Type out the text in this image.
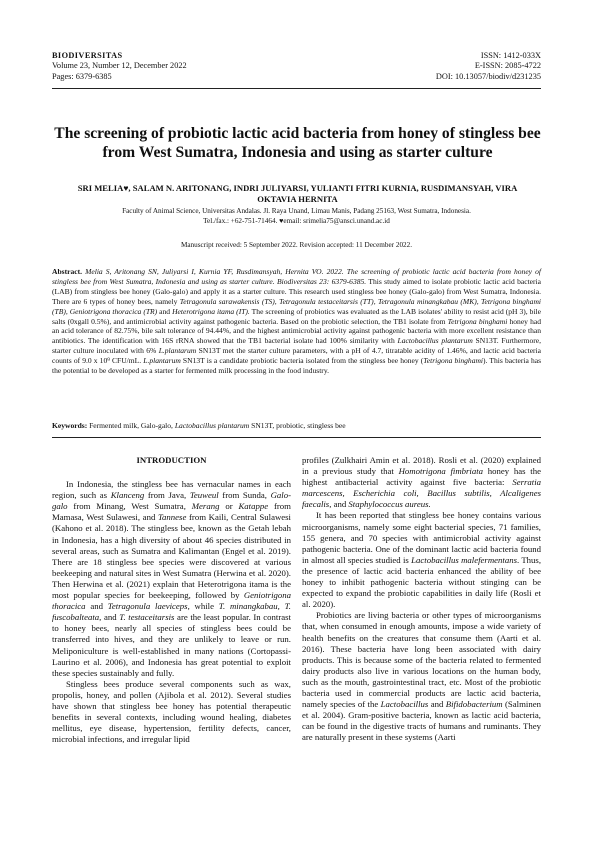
BIODIVERSITAS
Volume 23, Number 12, December 2022
Pages: 6379-6385
ISSN: 1412-033X
E-ISSN: 2085-4722
DOI: 10.13057/biodiv/d231235
The screening of probiotic lactic acid bacteria from honey of stingless bee from West Sumatra, Indonesia and using as starter culture
SRI MELIA♥, SALAM N. ARITONANG, INDRI JULIYARSI, YULIANTI FITRI KURNIA, RUSDIMANSYAH, VIRA OKTAVIA HERNITA
Faculty of Animal Science, Universitas Andalas. Jl. Raya Unand, Limau Manis, Padang 25163, West Sumatra, Indonesia.
Tel./fax.: +62-751-71464. ♥email: srimelia75@ansci.unand.ac.id
Manuscript received: 5 September 2022. Revision accepted: 11 December 2022.
Abstract. Melia S, Aritonang SN, Juliyarsi I, Kurnia YF, Rusdimansyah, Hernita VO. 2022. The screening of probiotic lactic acid bacteria from honey of stingless bee from West Sumatra, Indonesia and using as starter culture. Biodiversitas 23: 6379-6385. This study aimed to isolate probiotic lactic acid bacteria (LAB) from stingless bee honey (Galo-galo) and apply it as a starter culture. This research used stingless bee honey (Galo-galo) from West Sumatra, Indonesia. There are 6 types of honey bees, namely Tetragonula sarawakensis (TS), Tetragonula testaceitarsis (TT), Tetragonula minangkabau (MK), Tetrigona binghami (TB), Geniotrigona thoracica (TR) and Heterotrigona itama (IT). The screening of probiotics was evaluated as the LAB isolates' ability to resist acid (pH 3), bile salts (0xgall 0.5%), and antimicrobial activity against pathogenic bacteria. Based on the probiotic selection, the TB1 isolate from Tetrigona binghami honey had an acid tolerance of 82.75%, bile salt tolerance of 94.44%, and the highest antimicrobial activity against pathogenic bacteria with more excellent resistance than antibiotics. The identification with 16S rRNA showed that the TB1 bacterial isolate had 100% similarity with Lactobacillus plantarum SN13T. Furthermore, starter culture inoculated with 6% L.plantarum SN13T met the starter culture parameters, with a pH of 4.7, titratable acidity of 1.46%, and lactic acid bacteria counts of 9.0 x 10⁹ CFU/mL. L.plantarum SN13T is a candidate probiotic bacteria isolated from the stingless bee honey (Tetrigona binghami). This bacteria has the potential to be developed as a starter for fermented milk processing in the food industry.
Keywords: Fermented milk, Galo-galo, Lactobacillus plantarum SN13T, probiotic, stingless bee
INTRODUCTION

In Indonesia, the stingless bee has vernacular names in each region, such as Klanceng from Java, Teuweul from Sunda, Galo-galo from Minang, West Sumatra, Merang or Katappe from Mamasa, West Sulawesi, and Tannese from Kaili, Central Sulawesi (Kahono et al. 2018). The stingless bee, known as the Getah lebah in Indonesia, has a high diversity of about 46 species distributed in several areas, such as Sumatra and Kalimantan (Engel et al. 2019). There are 18 stingless bee species were discovered at various beekeeping and natural sites in West Sumatra (Herwina et al. 2020). Then Herwina et al. (2021) explain that Heterotrigona itama is the most popular species for beekeeping, followed by Geniotrigona thoracica and Tetragonula laeviceps, while T. minangkabau, T. fuscobalteata, and T. testaceitarsis are the least popular. In contrast to honey bees, nearly all species of stingless bees could be transferred into hives, and they are unlikely to leave or run. Meliponiculture is well-established in many nations (Cortopassi-Laurino et al. 2006), and Indonesia has great potential to exploit these species sustainably and fully.

Stingless bees produce several components such as wax, propolis, honey, and pollen (Ajibola et al. 2012). Several studies have shown that stingless bee honey has potential therapeutic benefits in several contexts, including wound healing, diabetes mellitus, eye disease, hypertension, fertility defects, cancer, microbial infections, and irregular lipid

profiles (Zulkhairi Amin et al. 2018). Rosli et al. (2020) explained in a previous study that Homotrigona fimbriata honey has the highest antibacterial activity against five bacteria: Serratia marcescens, Escherichia coli, Bacillus subtilis, Alcaligenes faecalis, and Staphylococcus aureus.

It has been reported that stingless bee honey contains various microorganisms, namely some eight bacterial species, 71 families, 155 genera, and 70 species with antimicrobial activity against pathogenic bacteria. One of the dominant lactic acid bacteria found in almost all species studied is Lactobacillus malefermentans. Thus, the presence of lactic acid bacteria enhanced the ability of bee honey to inhibit pathogenic bacteria without stinging can be expected to expand the probiotic capabilities in daily life (Rosli et al. 2020).

Probiotics are living bacteria or other types of microorganisms that, when consumed in enough amounts, impose a wide variety of health benefits on the creatures that consume them (Aarti et al. 2016). These bacteria have long been associated with dairy products. This is because some of the bacteria related to fermented dairy products also live in various locations on the human body, such as the mouth, gastrointestinal tract, etc. Most of the probiotic bacteria used in commercial products are lactic acid bacteria, namely species of the Lactobacillus and Bifidobacterium (Salminen et al. 2004). Gram-positive bacteria, known as lactic acid bacteria, can be found in the digestive tracts of humans and ruminants. They are naturally present in these systems (Aarti
